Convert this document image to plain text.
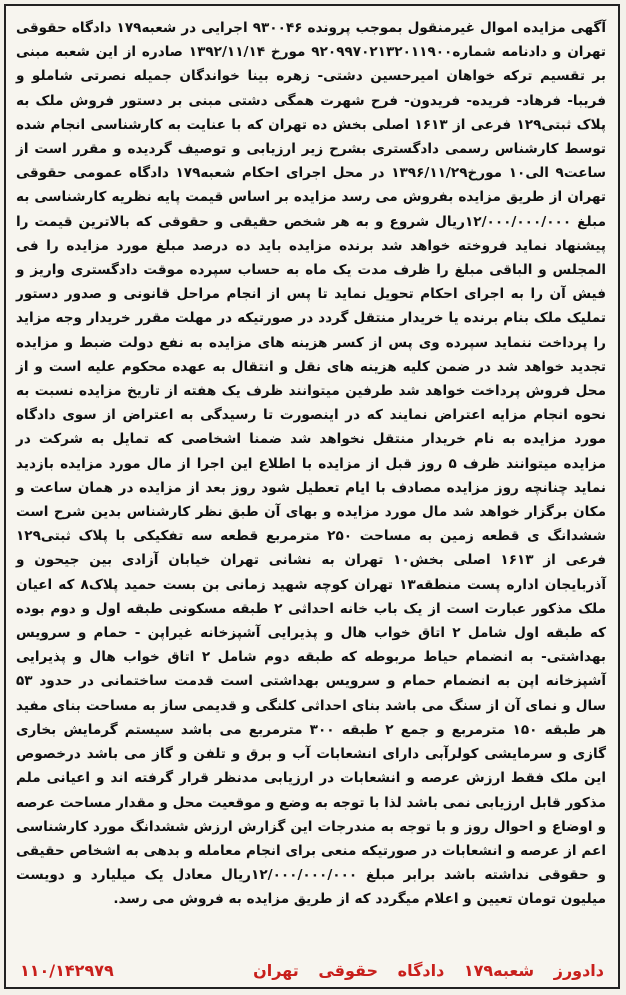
آگهی مزایده اموال غیرمنقول بموجب پرونده ۹۳۰۰۴۶ اجرایی در شعبه۱۷۹ دادگاه حقوقی تهران و دادنامه شماره۹۲۰۹۹۷۰۲۱۳۲۰۱۱۹۰۰ مورخ ۱۳۹۲/۱۱/۱۴ صادره از این شعبه مبنی بر تقسیم ترکه خواهان امیرحسین دشتی- زهره بینا خواندگان جمیله نصرتی شاملو و فریبا- فرهاد- فریده- فریدون- فرح شهرت همگی دشتی مبنی بر دستور فروش ملک به پلاک ثبتی۱۲۹ فرعی از ۱۶۱۳ اصلی بخش ده تهران که با عنایت به کارشناسی انجام شده توسط کارشناس رسمی دادگستری بشرح زیر ارزیابی و توصیف گردیده و مقرر است از ساعت۹ الی۱۰ مورخ۱۳۹۶/۱۱/۲۹ در محل اجرای احکام شعبه۱۷۹ دادگاه عمومی حقوقی تهران از طریق مزایده بفروش می رسد مزایده بر اساس قیمت پایه نظریه کارشناسی به مبلغ ۱۲/۰۰۰/۰۰۰/۰۰۰ریال شروع و به هر شخص حقیقی و حقوقی که بالاترین قیمت را پیشنهاد نماید فروخته خواهد شد برنده مزایده باید ده درصد مبلغ مورد مزایده را فی المجلس و الباقی مبلغ را ظرف مدت یک ماه به حساب سپرده موقت دادگستری واریز و فیش آن را به اجرای احکام تحویل نماید تا پس از انجام مراحل قانونی و صدور دستور تملیک ملک بنام برنده یا خریدار منتقل گردد در صورتیکه در مهلت مقرر خریدار وجه مزاید را پرداخت ننماید سپرده وی پس از کسر هزینه های مزایده به نفع دولت ضبط و مزایده تجدید خواهد شد در ضمن کلیه هزینه های نقل و انتقال به عهده محکوم علیه است و از محل فروش پرداخت خواهد شد طرفین میتوانند ظرف یک هفته از تاریخ مزایده نسبت به نحوه انجام مزایه اعتراض نمایند که در اینصورت تا رسیدگی به اعتراض از سوی دادگاه مورد مزایده به نام خریدار منتقل نخواهد شد ضمنا اشخاصی که تمایل به شرکت در مزایده میتوانند ظرف ۵ روز قبل از مزایده با اطلاع این اجرا از مال مورد مزایده بازدید نماید چنانچه روز مزایده مصادف با ایام تعطیل شود روز بعد از مزایده در همان ساعت و مکان برگزار خواهد شد مال مورد مزایده و بهای آن طبق نظر کارشناس بدین شرح است ششدانگ ی قطعه زمین به مساحت ۲۵۰ مترمربع قطعه سه تفکیکی با پلاک ثبتی۱۲۹ فرعی از ۱۶۱۳ اصلی بخش۱۰ تهران به نشانی تهران خیابان آزادی بین جیحون و آذربایجان اداره پست منطقه۱۳ تهران کوچه شهید زمانی بن بست حمید پلاک۸ که اعیان ملک مذکور عبارت است از یک باب خانه احداثی ۲ طبقه مسکونی طبقه اول و دوم بوده که طبقه اول شامل ۲ اتاق خواب هال و پذیرایی آشپزخانه غیراپن - حمام و سرویس بهداشتی- به انضمام حیاط مربوطه که طبقه دوم شامل ۲ اتاق خواب هال و پذیرایی آشپزخانه اپن به انضمام حمام و سرویس بهداشتی است قدمت ساختمانی در حدود ۵۳ سال و نمای آن از سنگ می باشد بنای احداثی کلنگی و قدیمی ساز به مساحت بنای مفید هر طبقه ۱۵۰ مترمربع و جمع ۲ طبقه ۳۰۰ مترمربع می باشد سیستم گرمایش بخاری گازی و سرمایشی کولرآبی دارای انشعابات آب و برق و تلفن و گاز می باشد درخصوص این ملک فقط ارزش عرصه و انشعابات در ارزیابی مدنظر قرار گرفته اند و اعیانی ملم مذکور قابل ارزیابی نمی باشد لذا با توجه به وضع و موقعیت محل و مقدار مساحت عرصه و اوضاع و احوال روز و با توجه به مندرجات این گزارش ارزش ششدانگ مورد کارشناسی اعم از عرصه و انشعابات در صورتیکه منعی برای انجام معامله و بدهی به اشخاص حقیقی و حقوقی نداشته باشد برابر مبلغ ۱۲/۰۰۰/۰۰۰/۰۰۰ریال معادل یک میلیارد و دویست میلیون تومان تعیین و اعلام میگردد که از طریق مزایده به فروش می رسد.

دادورز شعبه۱۷۹ دادگاه حقوقی تهران
۱۱۰/۱۴۲۹۷۹
